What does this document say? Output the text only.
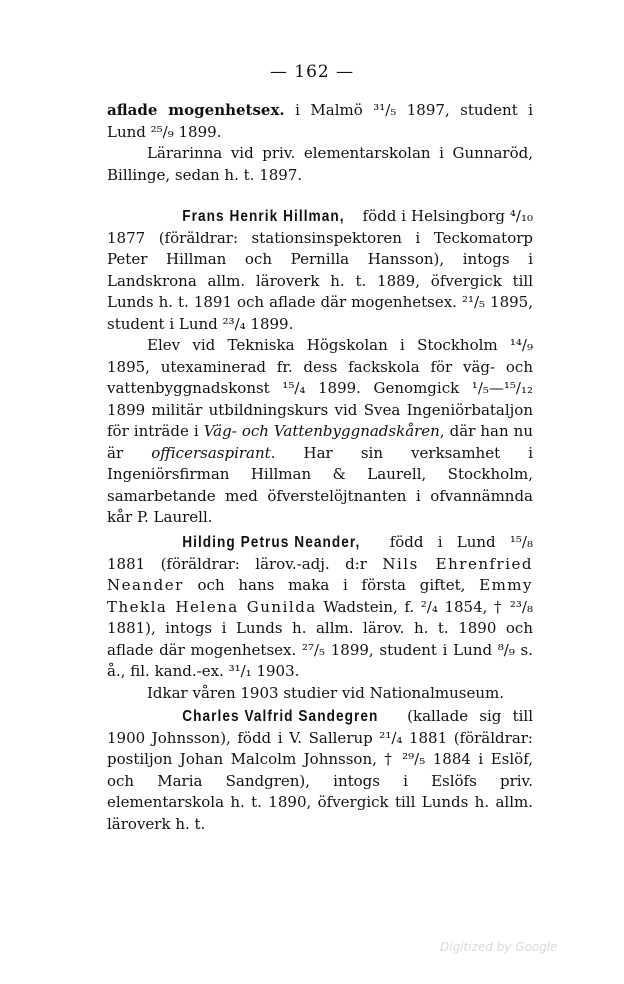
— 162 —

aflade mogenhetsex. i Malmö ³¹/₅ 1897, student i Lund ²⁵/₉ 1899.

Lärarinna vid priv. elementarskolan i Gunnaröd, Billinge, sedan h. t. 1897.

Frans Henrik Hillman, född i Helsingborg ⁴/₁₀ 1877 (föräldrar: stationsinspektoren i Teckomatorp Peter Hillman och Pernilla Hansson), intogs i Landskrona allm. läroverk h. t. 1889, öfvergick till Lunds h. t. 1891 och aflade där mogenhetsex. ²¹/₅ 1895, student i Lund ²³/₄ 1899.

Elev vid Tekniska Högskolan i Stockholm ¹⁴/₉ 1895, utexaminerad fr. dess fackskola för väg- och vattenbyggnadskonst ¹⁵/₄ 1899. Genomgick ¹/₅—¹⁵/₁₂ 1899 militär utbildningskurs vid Svea Ingeniörbataljon för inträde i Väg- och Vattenbyggnadskåren, där han nu är officersaspirant. Har sin verksamhet i Ingeniörsfirman Hillman & Laurell, Stockholm, samarbetande med öfverstelöjtnanten i ofvannämnda kår P. Laurell.

Hilding Petrus Neander, född i Lund ¹⁵/₈ 1881 (föräldrar: lärov.-adj. d:r Nils Ehrenfried Neander och hans maka i första giftet, Emmy Thekla Helena Gunilda Wadstein, f. ²/₄ 1854, † ²³/₈ 1881), intogs i Lunds h. allm. lärov. h. t. 1890 och aflade där mogenhetsex. ²⁷/₅ 1899, student i Lund ⁸/₉ s. å., fil. kand.-ex. ³¹/₁ 1903.

Idkar våren 1903 studier vid Nationalmuseum.

Charles Valfrid Sandegren (kallade sig till 1900 Johnsson), född i V. Sallerup ²¹/₄ 1881 (föräldrar: postiljon Johan Malcolm Johnsson, † ²⁹/₅ 1884 i Eslöf, och Maria Sandgren), intogs i Eslöfs priv. elementarskola h. t. 1890, öfvergick till Lunds h. allm. läroverk h. t.

Digitized by Google
